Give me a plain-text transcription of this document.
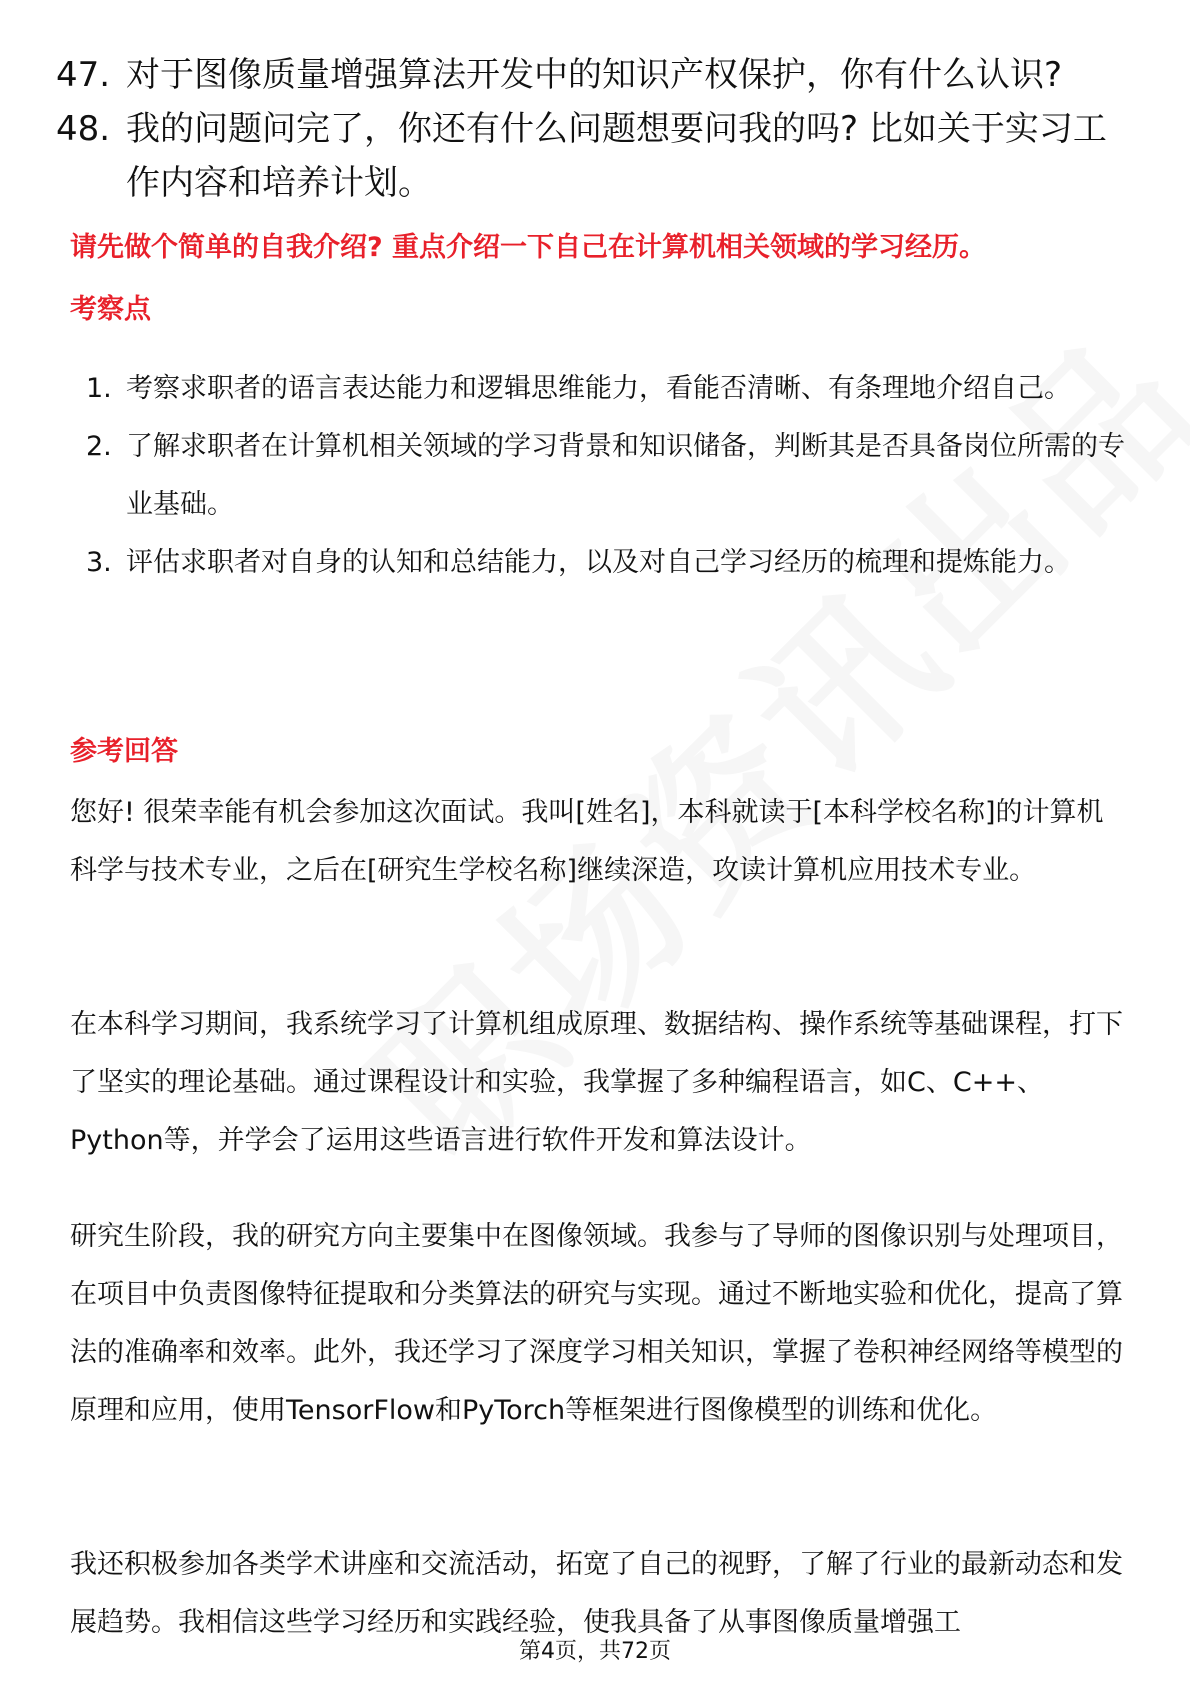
47. 对于图像质量增强算法开发中的知识产权保护，你有什么认识?
48. 我的问题问完了，你还有什么问题想要问我的吗? 比如关于实习工作内容和培养计划。

请先做个简单的自我介绍? 重点介绍一下自己在计算机相关领域的学习经历。

考察点

1. 考察求职者的语言表达能力和逻辑思维能力，看能否清晰、有条理地介绍自己。
2. 了解求职者在计算机相关领域的学习背景和知识储备，判断其是否具备岗位所需的专业基础。
3. 评估求职者对自身的认知和总结能力，以及对自己学习经历的梳理和提炼能力。

参考回答

您好! 很荣幸能有机会参加这次面试。我叫[姓名]，本科就读于[本科学校名称]的计算机科学与技术专业，之后在[研究生学校名称]继续深造，攻读计算机应用技术专业。

在本科学习期间，我系统学习了计算机组成原理、数据结构、操作系统等基础课程，打下了坚实的理论基础。通过课程设计和实验，我掌握了多种编程语言，如C、C++、Python等，并学会了运用这些语言进行软件开发和算法设计。

研究生阶段，我的研究方向主要集中在图像领域。我参与了导师的图像识别与处理项目，在项目中负责图像特征提取和分类算法的研究与实现。通过不断地实验和优化，提高了算法的准确率和效率。此外，我还学习了深度学习相关知识，掌握了卷积神经网络等模型的原理和应用，使用TensorFlow和PyTorch等框架进行图像模型的训练和优化。

我还积极参加各类学术讲座和交流活动，拓宽了自己的视野，了解了行业的最新动态和发展趋势。我相信这些学习经历和实践经验，使我具备了从事图像质量增强工

第4页，共72页
